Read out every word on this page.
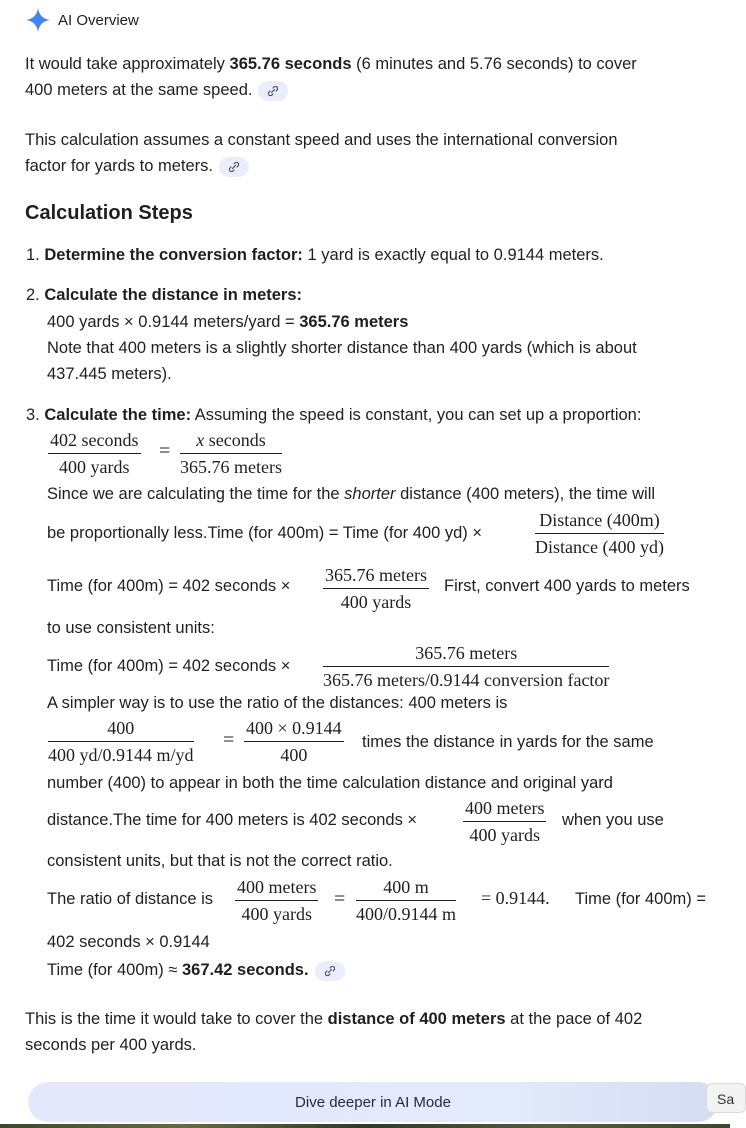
AI Overview
It would take approximately 365.76 seconds (6 minutes and 5.76 seconds) to cover
400 meters at the same speed.
This calculation assumes a constant speed and uses the international conversion
factor for yards to meters.
Calculation Steps
1. Determine the conversion factor: 1 yard is exactly equal to 0.9144 meters.
2. Calculate the distance in meters:
400 yards × 0.9144 meters/yard = 365.76 meters
Note that 400 meters is a slightly shorter distance than 400 yards (which is about
437.445 meters).
3. Calculate the time: Assuming the speed is constant, you can set up a proportion:
402 seconds
400 yards
=	x seconds
365.76 meters
Since we are calculating the time for the shorter distance (400 meters), the time will
be proportionally less.Time (for 400m) = Time (for 400 yd) ×
Distance (400m)
Distance (400 yd)
Time (for 400m) = 402 seconds ×
365.76 meters
400 yards
First, convert 400 yards to meters
to use consistent units:
Time (for 400m) = 402 seconds ×
365.76 meters
365.76 meters/0.9144 conversion factor
A simpler way is to use the ratio of the distances: 400 meters is
$\frac{400}{400 yd/0.9144 m/yd} = \frac{400 \times 0.9144}{400}$ times the distance in yards for the same
number (400) to appear in both the time calculation distance and original yard
distance.The time for 400 meters is 402 seconds ×
400 meters
400 yards
when you use
consistent units, but that is not the correct ratio.
The ratio of distance is
400 meters
400 yards
= $\frac{400 m}{400/0.9144 m} = 0.9144$. Time (for 400m) =
402 seconds × 0.9144
Time (for 400m) ≈ 367.42 seconds.
This is the time it would take to cover the distance of 400 meters at the pace of 402
seconds per 400 yards.
Dive deeper in AI Mode	Sa
